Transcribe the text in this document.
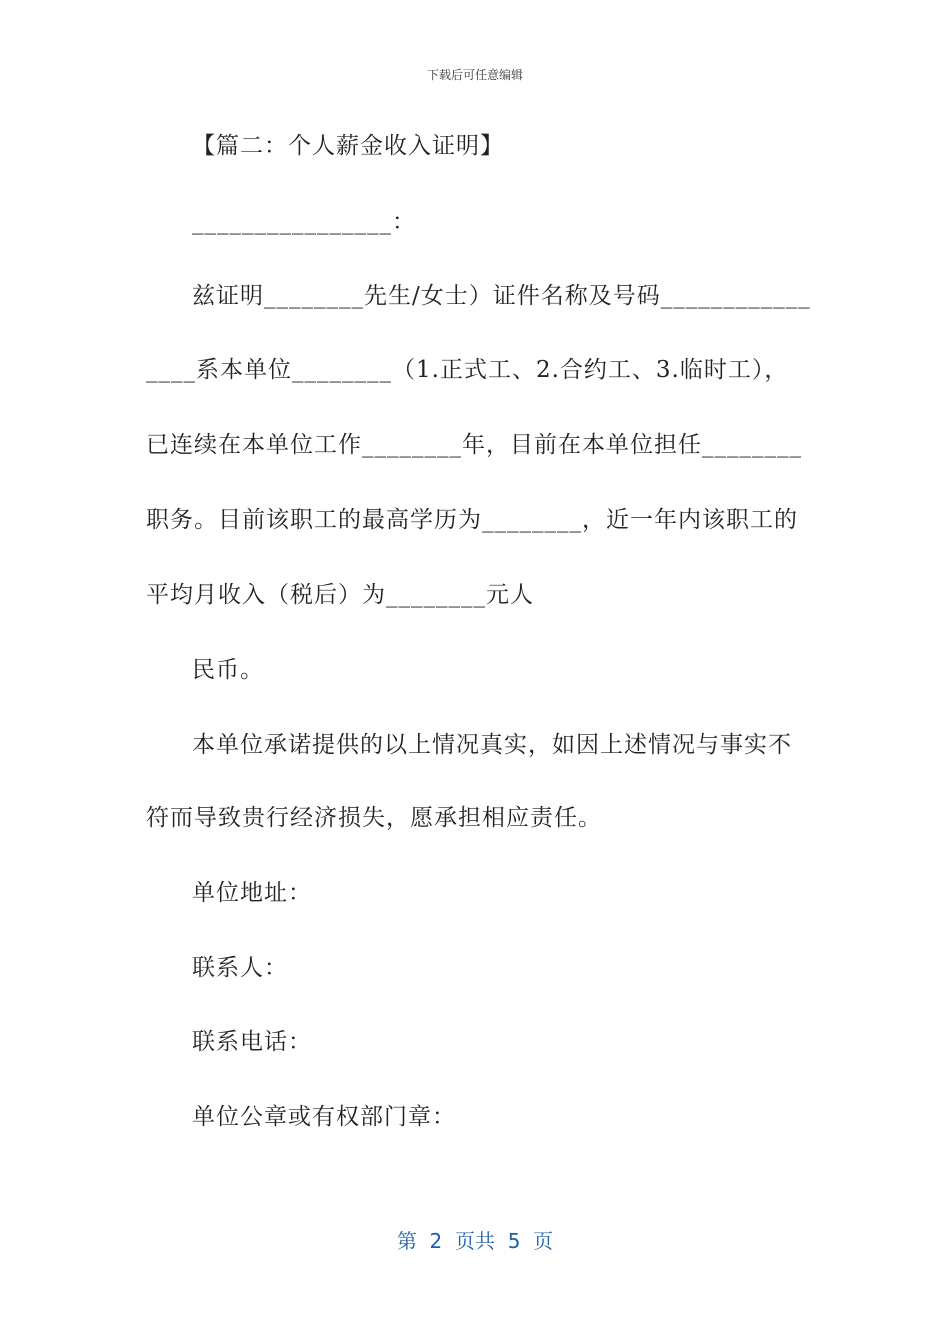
下载后可任意编辑
【篇二：个人薪金收入证明】
________________：
兹证明________先生/女士）证件名称及号码____________
____系本单位________（1.正式工、2.合约工、3.临时工），
已连续在本单位工作________年，目前在本单位担任________
职务。目前该职工的最高学历为________，近一年内该职工的
平均月收入（税后）为________元人
民币。
本单位承诺提供的以上情况真实，如因上述情况与事实不
符而导致贵行经济损失，愿承担相应责任。
单位地址：
联系人：
联系电话：
单位公章或有权部门章：
第  2  页共  5  页
